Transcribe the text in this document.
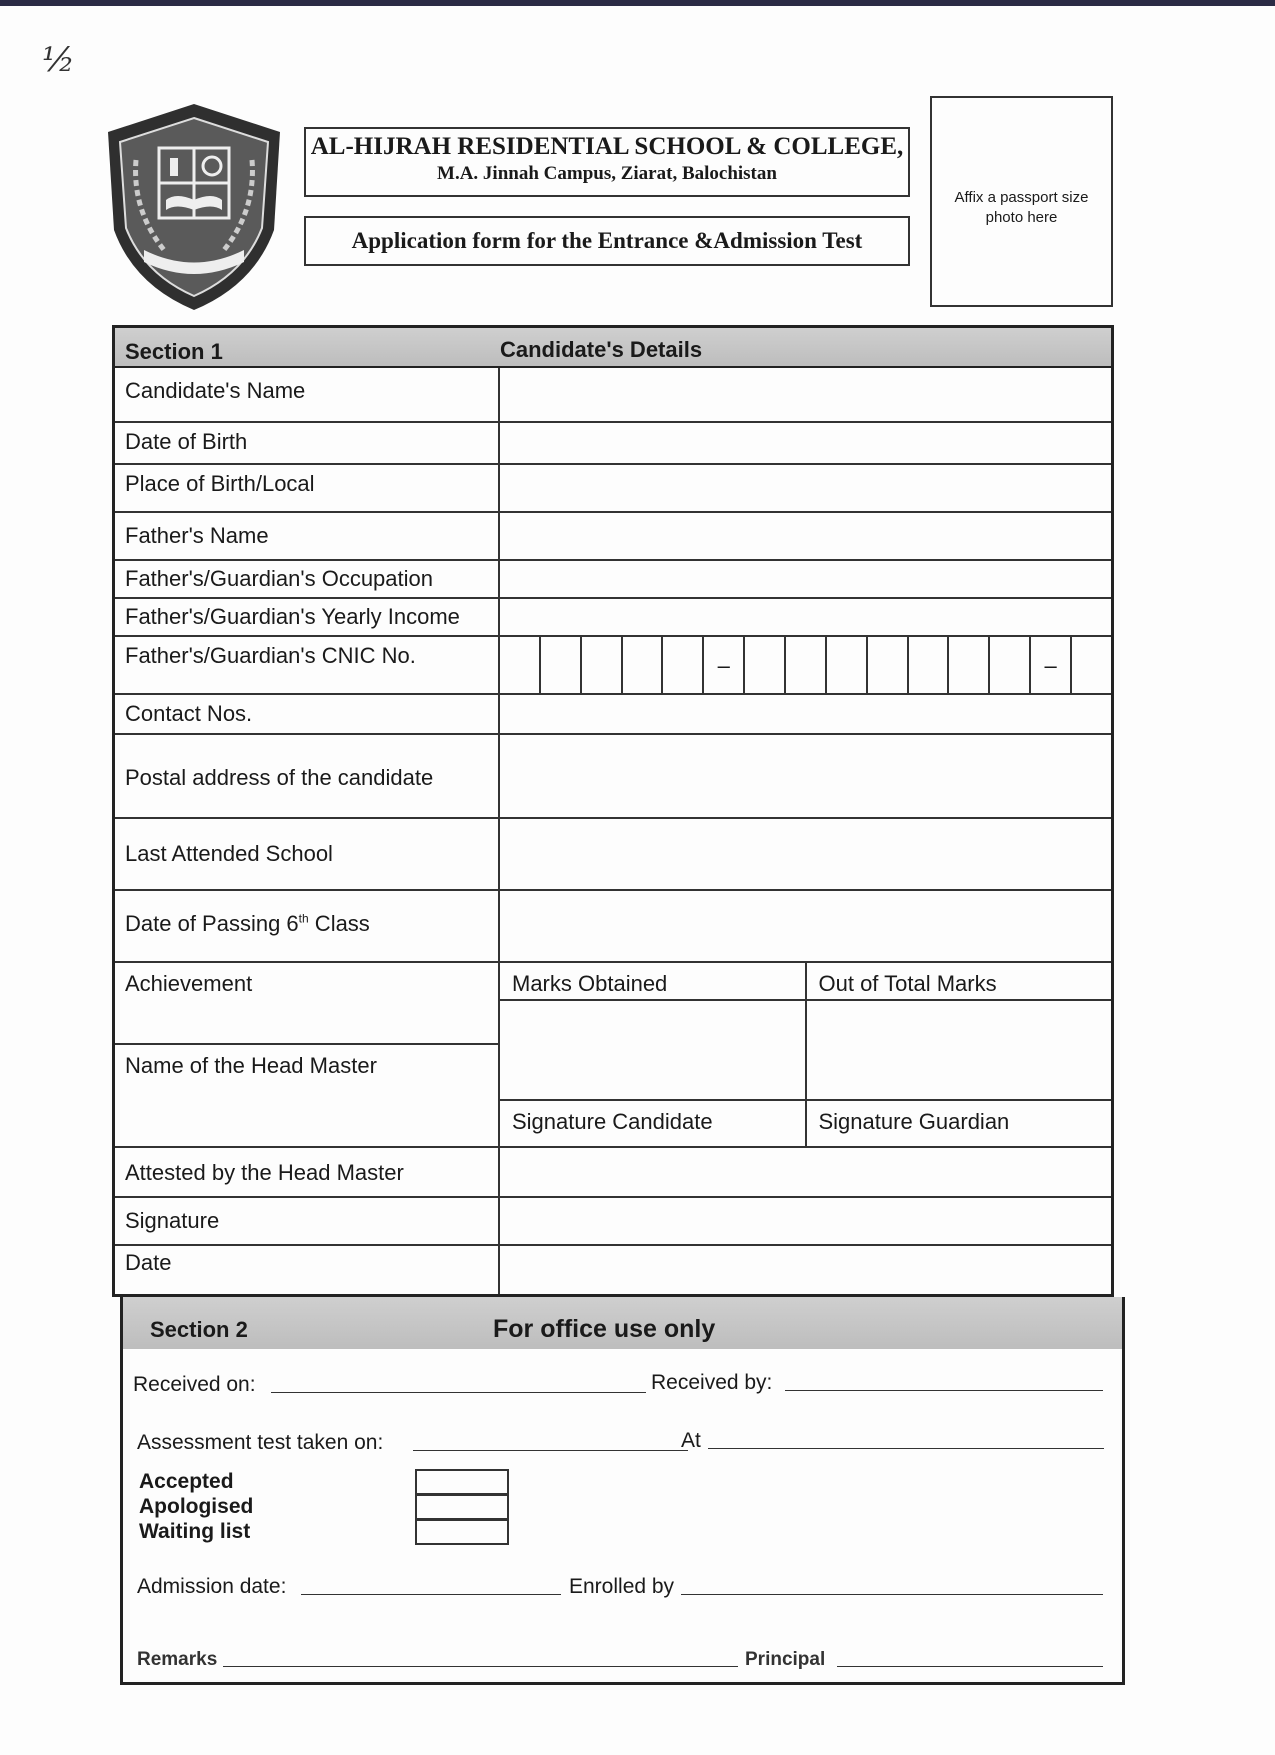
½
AL-HIJRAH RESIDENTIAL SCHOOL & COLLEGE,
M.A. Jinnah Campus, Ziarat, Balochistan
Application form for the Entrance &Admission Test
Affix a passport size
photo here
Section 1	Candidate's Details
Candidate's Name
Date of Birth
Place of Birth/Local
Father's Name
Father's/Guardian's Occupation
Father's/Guardian's Yearly Income
Father's/Guardian's CNIC No.	–	–
Contact Nos.
Postal address of the candidate
Last Attended School
Date of Passing 6th Class
Achievement
Name of the Head Master
Marks Obtained	Out of Total Marks
Signature Candidate	Signature Guardian
Attested by the Head Master
Signature
Date
Section 2	For office use only
Received on:	Received by:
Assessment test taken on:	At
Accepted
Apologised
Waiting list
Admission date:	Enrolled by
Remarks	Principal
